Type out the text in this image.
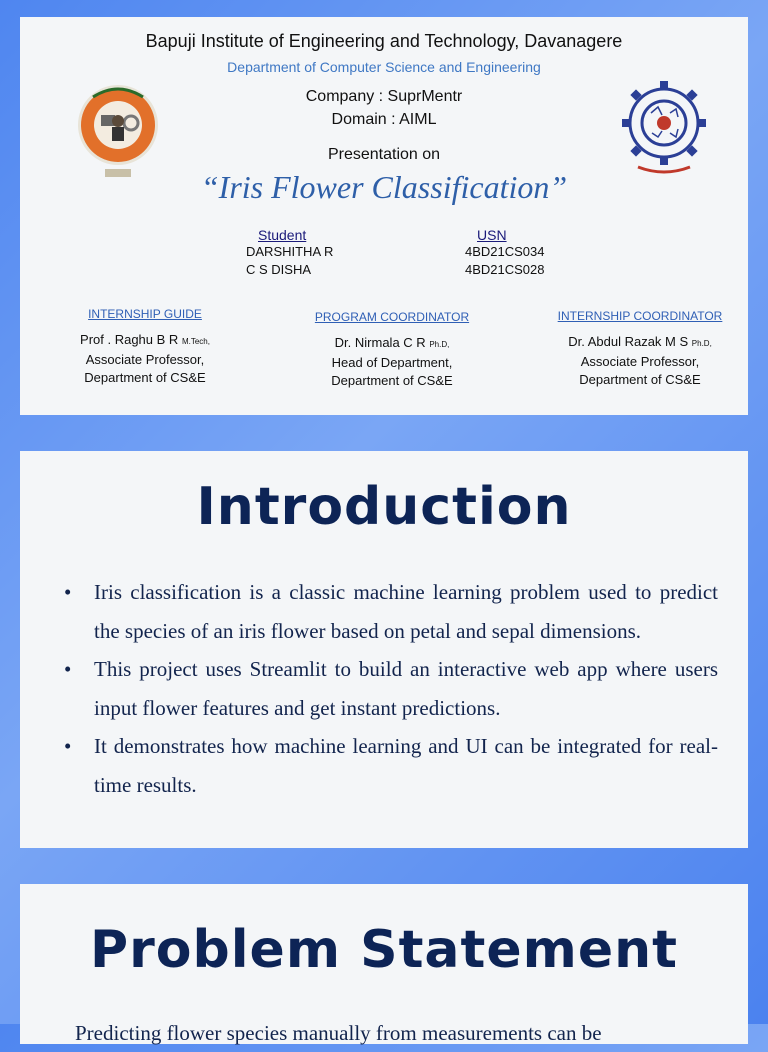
Bapuji Institute of Engineering and Technology, Davanagere
Department of Computer Science and Engineering
Company : SuprMentr
Domain : AIML
Presentation on
“Iris Flower Classification”
Student
DARSHITHA R
C S DISHA
USN
4BD21CS034
4BD21CS028
INTERNSHIP GUIDE
Prof . Raghu B R M.Tech,
Associate Professor,
Department of CS&E
PROGRAM COORDINATOR
Dr. Nirmala C R Ph.D,
Head of Department,
Department of CS&E
INTERNSHIP COORDINATOR
Dr. Abdul Razak M S Ph.D,
Associate Professor,
Department of CS&E
Introduction
• Iris classification is a classic machine learning problem used to predict the species of an iris flower based on petal and sepal dimensions.
• This project uses Streamlit to build an interactive web app where users input flower features and get instant predictions.
• It demonstrates how machine learning and UI can be integrated for real-time results.
Problem Statement
Predicting flower species manually from measurements can be
